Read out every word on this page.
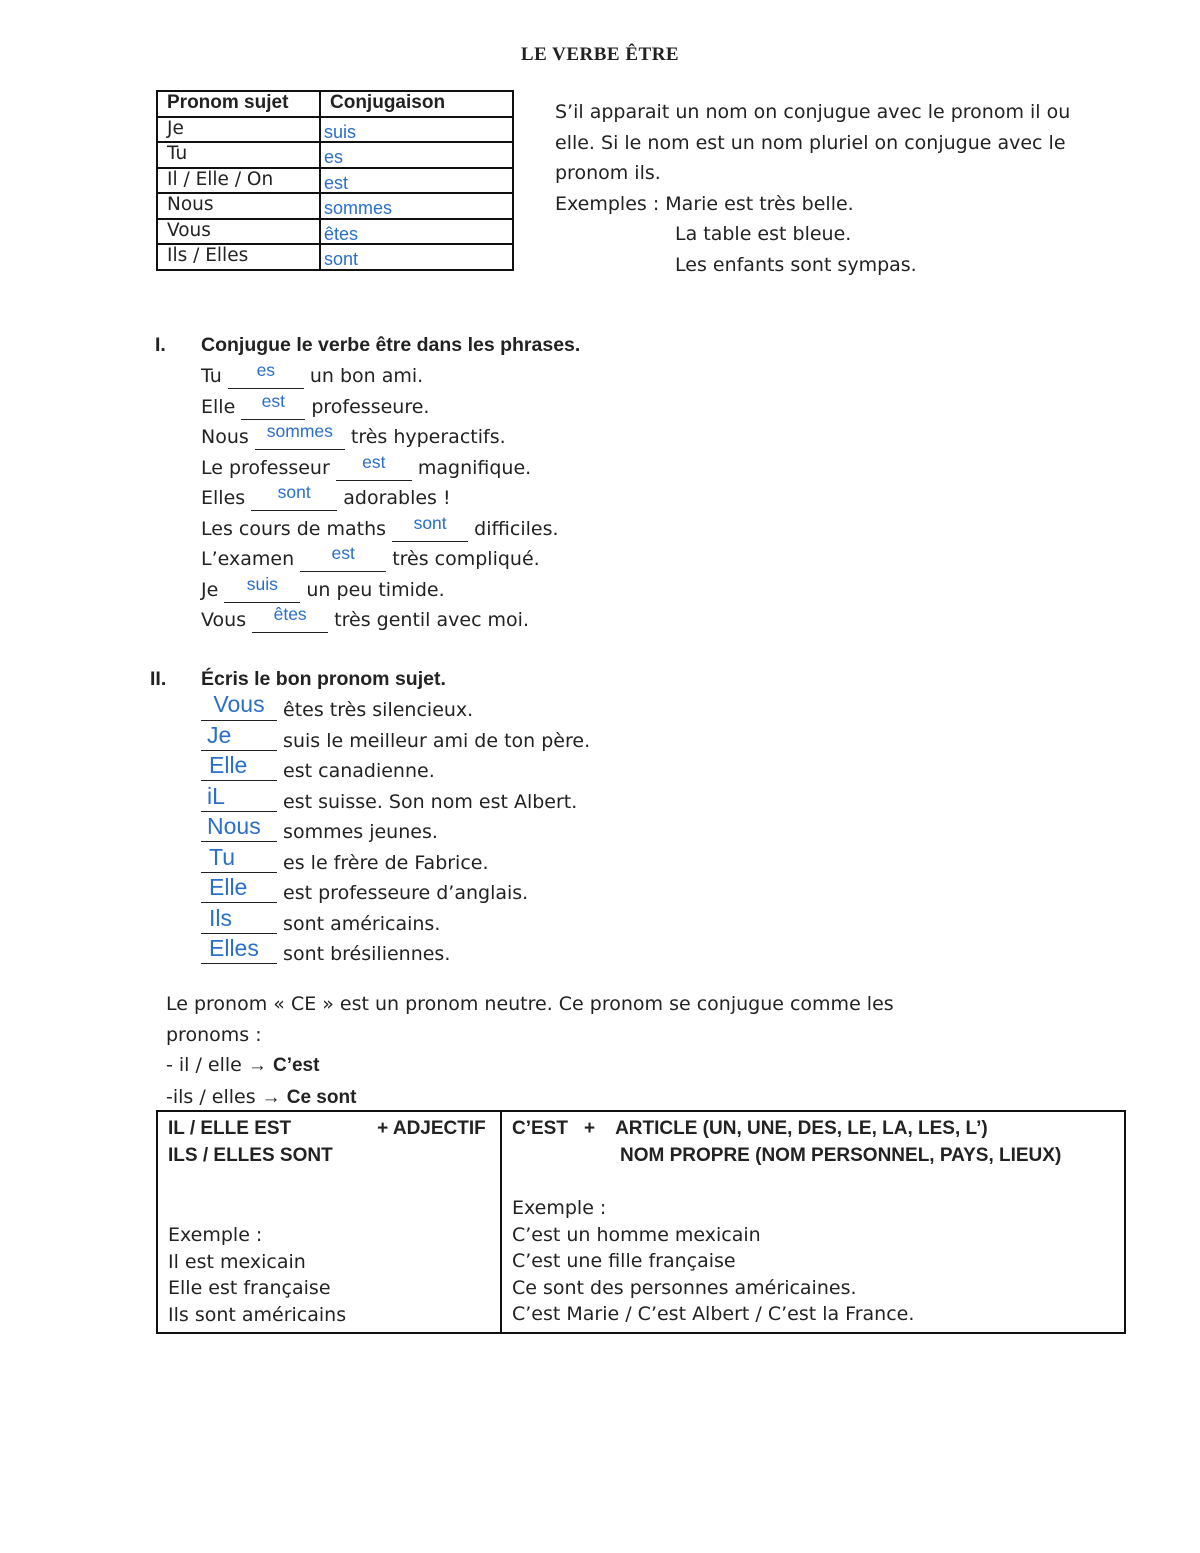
LE VERBE ÊTRE
Pronom sujet	Conjugaison
Je	suis
Tu	es
Il / Elle / On	est
Nous	sommes
Vous	êtes
Ils / Elles	sont
S’il apparait un nom on conjugue avec le pronom il ou
elle. Si le nom est un nom pluriel on conjugue avec le
pronom ils.
Exemples : Marie est très belle.
La table est bleue.
Les enfants sont sympas.
I. Conjugue le verbe être dans les phrases.
Tu es un bon ami.
Elle est professeure.
Nous sommes très hyperactifs.
Le professeur est magnifique.
Elles sont adorables !
Les cours de maths sont difficiles.
L’examen est très compliqué.
Je suis un peu timide.
Vous êtes très gentil avec moi.
II. Écris le bon pronom sujet.
Vous êtes très silencieux.
Je suis le meilleur ami de ton père.
Elle est canadienne.
iL	est suisse. Son nom est Albert.
Nous sommes jeunes.
Tu es le frère de Fabrice.
Elle est professeure d’anglais.
Ils sont américains.
Elles sont brésiliennes.
Le pronom « CE » est un pronom neutre. Ce pronom se conjugue comme les
pronoms :
- il / elle → C’est
-ils / elles → Ce sont
IL / ELLE EST	+ ADJECTIF
ILS / ELLES SONT
Exemple :
Il est mexicain
Elle est française
Ils sont américains

C’EST + ARTICLE (UN, UNE, DES, LE, LA, LES, L’)
NOM PROPRE (NOM PERSONNEL, PAYS, LIEUX)
Exemple :
C’est un homme mexicain
C’est une fille française
Ce sont des personnes américaines.
C’est Marie / C’est Albert / C’est la France.
